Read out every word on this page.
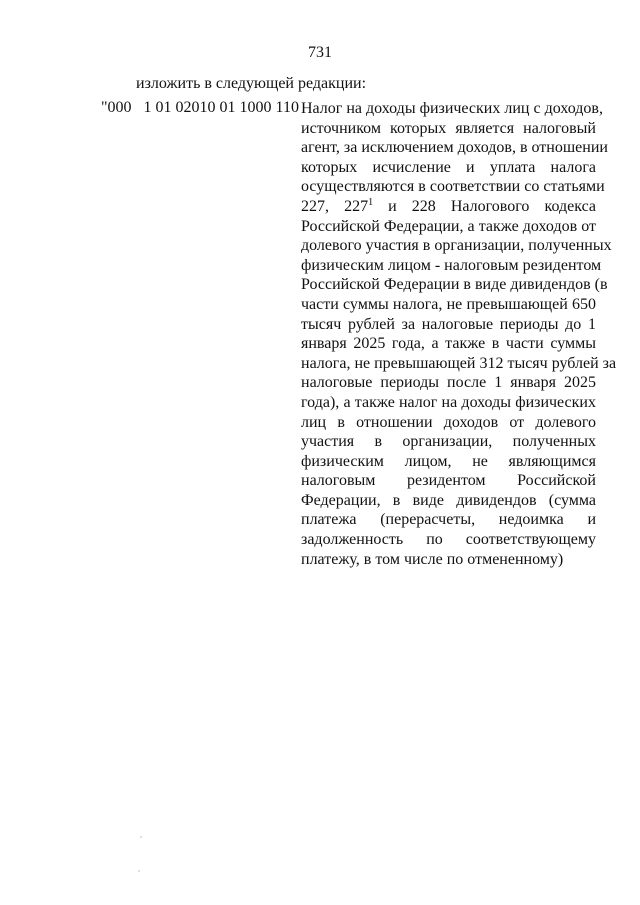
731
изложить в следующей редакции:
"000   1 01 02010 01 1000 110 Налог на доходы физических лиц с доходов,
источником которых является налоговый
агент, за исключением доходов, в отношении
которых исчисление и уплата налога
осуществляются в соответствии со статьями
227, $227^1$ и 228 Налогового кодекса
Российской Федерации, а также доходов от
долевого участия в организации, полученных
физическим лицом - налоговым резидентом
Российской Федерации в виде дивидендов (в
части суммы налога, не превышающей 650
тысяч рублей за налоговые периоды до 1
января 2025 года, а также в части суммы
налога, не превышающей 312 тысяч рублей за
налоговые периоды после 1 января 2025
года), а также налог на доходы физических
лиц в отношении доходов от долевого
участия в организации, полученных
физическим лицом, не являющимся
налоговым резидентом Российской
Федерации, в виде дивидендов (сумма
платежа (перерасчеты, недоимка и
задолженность по соответствующему
платежу, в том числе по отмененному)
